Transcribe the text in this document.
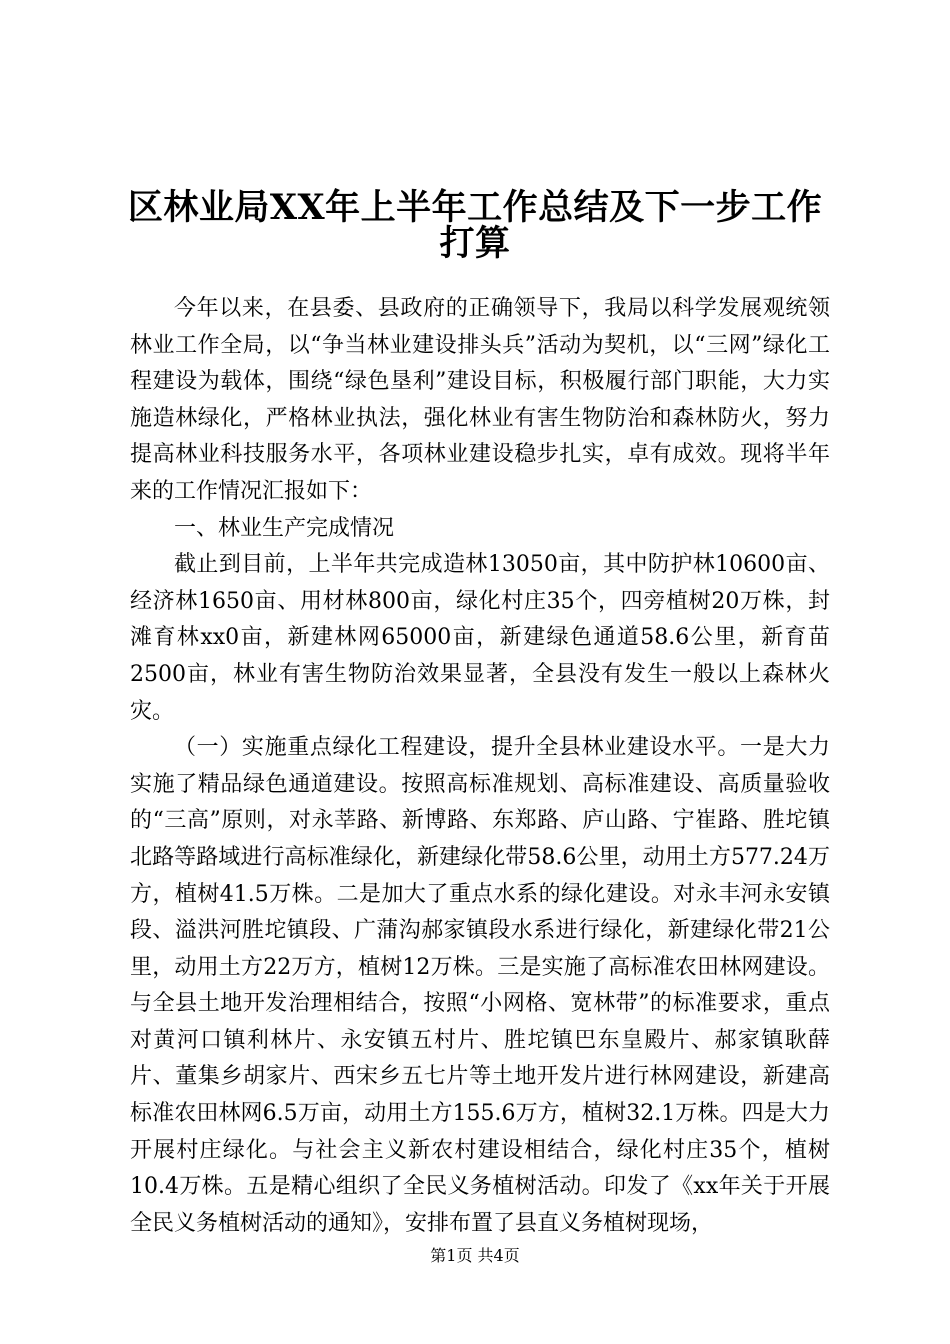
区林业局XX年上半年工作总结及下一步工作
打算

今年以来，在县委、县政府的正确领导下，我局以科学发展观统领林业工作全局，以“争当林业建设排头兵”活动为契机，以“三网”绿化工程建设为载体，围绕“绿色垦利”建设目标，积极履行部门职能，大力实施造林绿化，严格林业执法，强化林业有害生物防治和森林防火，努力提高林业科技服务水平，各项林业建设稳步扎实，卓有成效。现将半年来的工作情况汇报如下：

一、林业生产完成情况

截止到目前，上半年共完成造林13050亩，其中防护林10600亩、经济林1650亩、用材林800亩，绿化村庄35个，四旁植树20万株，封滩育林xx0亩，新建林网65000亩，新建绿色通道58.6公里，新育苗2500亩，林业有害生物防治效果显著，全县没有发生一般以上森林火灾。

（一）实施重点绿化工程建设，提升全县林业建设水平。一是大力实施了精品绿色通道建设。按照高标准规划、高标准建设、高质量验收的“三高”原则，对永莘路、新博路、东郑路、庐山路、宁崔路、胜坨镇北路等路域进行高标准绿化，新建绿化带58.6公里，动用土方577.24万方，植树41.5万株。二是加大了重点水系的绿化建设。对永丰河永安镇段、溢洪河胜坨镇段、广蒲沟郝家镇段水系进行绿化，新建绿化带21公里，动用土方22万方，植树12万株。三是实施了高标准农田林网建设。与全县土地开发治理相结合，按照“小网格、宽林带”的标准要求，重点对黄河口镇利林片、永安镇五村片、胜坨镇巴东皇殿片、郝家镇耿薛片、董集乡胡家片、西宋乡五七片等土地开发片进行林网建设，新建高标准农田林网6.5万亩，动用土方155.6万方，植树32.1万株。四是大力开展村庄绿化。与社会主义新农村建设相结合，绿化村庄35个，植树10.4万株。五是精心组织了全民义务植树活动。印发了《xx年关于开展全民义务植树活动的通知》，安排布置了县直义务植树现场，

第1页 共4页
